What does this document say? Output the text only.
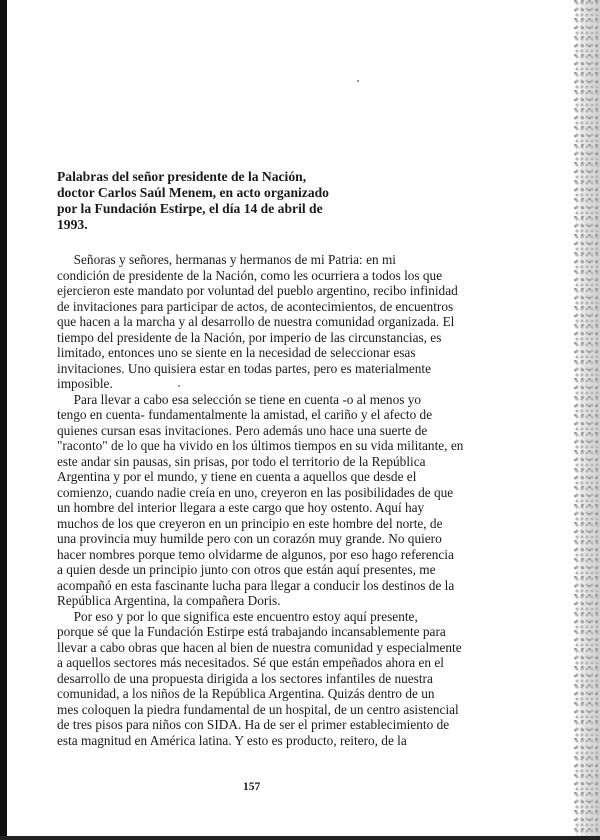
Palabras del señor presidente de la Nación,
doctor Carlos Saúl Menem, en acto organizado
por la Fundación Estirpe, el día 14 de abril de
1993.

Señoras y señores, hermanas y hermanos de mi Patria: en mi
condición de presidente de la Nación, como les ocurriera a todos los que
ejercieron este mandato por voluntad del pueblo argentino, recibo infinidad
de invitaciones para participar de actos, de acontecimientos, de encuentros
que hacen a la marcha y al desarrollo de nuestra comunidad organizada. El
tiempo del presidente de la Nación, por imperio de las circunstancias, es
limitado, entonces uno se siente en la necesidad de seleccionar esas
invitaciones. Uno quisiera estar en todas partes, pero es materialmente
imposible.
Para llevar a cabo esa selección se tiene en cuenta -o al menos yo
tengo en cuenta- fundamentalmente la amistad, el cariño y el afecto de
quienes cursan esas invitaciones. Pero además uno hace una suerte de
"raconto" de lo que ha vivido en los últimos tiempos en su vida militante, en
este andar sin pausas, sin prisas, por todo el territorio de la República
Argentina y por el mundo, y tiene en cuenta a aquellos que desde el
comienzo, cuando nadie creía en uno, creyeron en las posibilidades de que
un hombre del interior llegara a este cargo que hoy ostento. Aquí hay
muchos de los que creyeron en un principio en este hombre del norte, de
una provincia muy humilde pero con un corazón muy grande. No quiero
hacer nombres porque temo olvidarme de algunos, por eso hago referencia
a quien desde un principio junto con otros que están aquí presentes, me
acompañó en esta fascinante lucha para llegar a conducir los destinos de la
República Argentina, la compañera Doris.
Por eso y por lo que significa este encuentro estoy aquí presente,
porque sé que la Fundación Estirpe está trabajando incansablemente para
llevar a cabo obras que hacen al bien de nuestra comunidad y especialmente
a aquellos sectores más necesitados. Sé que están empeñados ahora en el
desarrollo de una propuesta dirigida a los sectores infantiles de nuestra
comunidad, a los niños de la República Argentina. Quizás dentro de un
mes coloquen la piedra fundamental de un hospital, de un centro asistencial
de tres pisos para niños con SIDA. Ha de ser el primer establecimiento de
esta magnitud en América latina. Y esto es producto, reitero, de la

157
